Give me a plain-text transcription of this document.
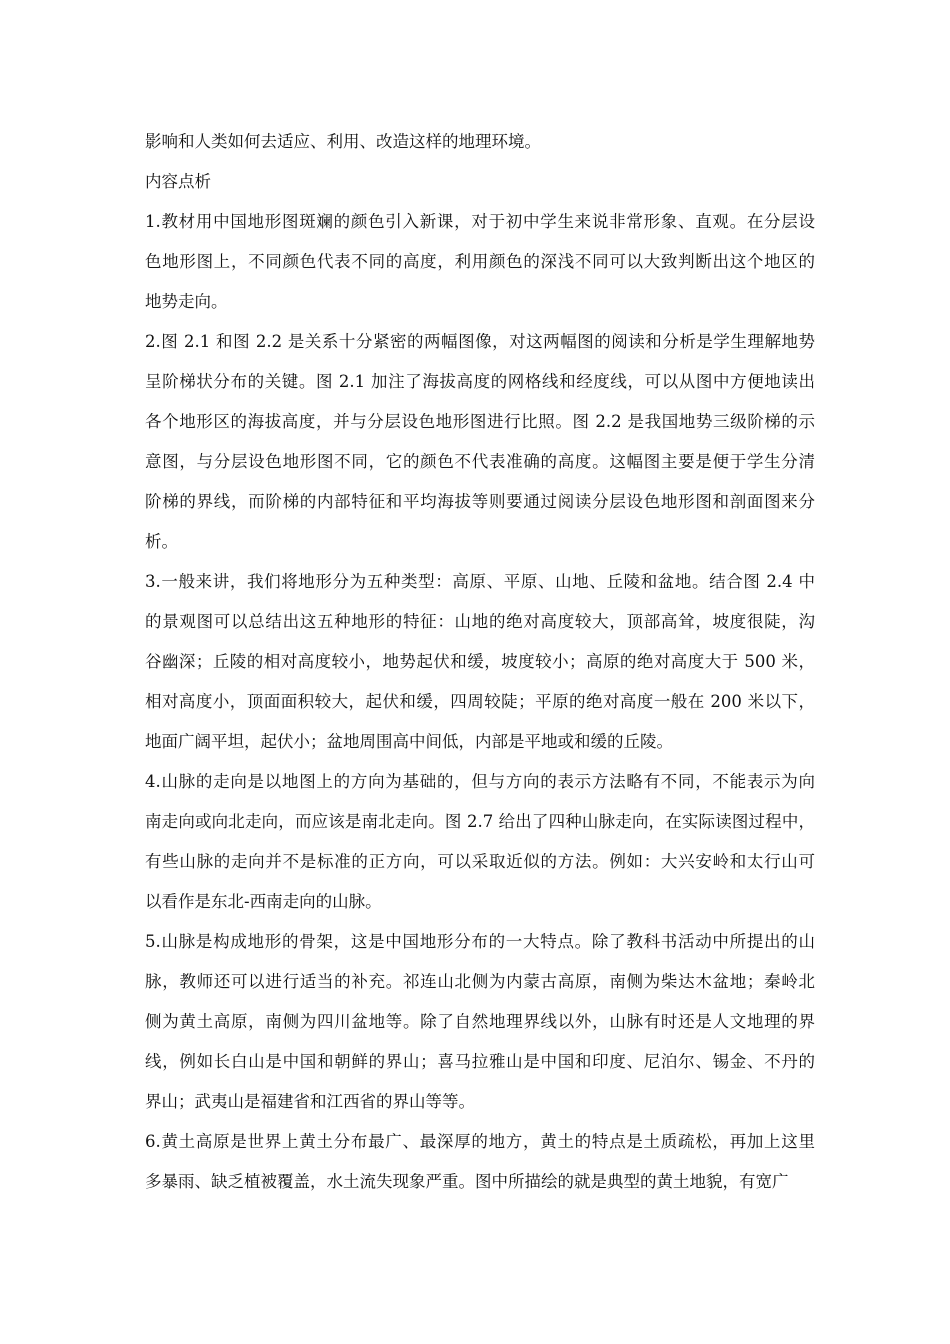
影响和人类如何去适应、利用、改造这样的地理环境。
内容点析
1.教材用中国地形图斑斓的颜色引入新课，对于初中学生来说非常形象、直观。在分层设
色地形图上，不同颜色代表不同的高度，利用颜色的深浅不同可以大致判断出这个地区的
地势走向。
2.图 2.1 和图 2.2 是关系十分紧密的两幅图像，对这两幅图的阅读和分析是学生理解地势
呈阶梯状分布的关键。图 2.1 加注了海拔高度的网格线和经度线，可以从图中方便地读出
各个地形区的海拔高度，并与分层设色地形图进行比照。图 2.2 是我国地势三级阶梯的示
意图，与分层设色地形图不同，它的颜色不代表准确的高度。这幅图主要是便于学生分清
阶梯的界线，而阶梯的内部特征和平均海拔等则要通过阅读分层设色地形图和剖面图来分
析。
3.一般来讲，我们将地形分为五种类型：高原、平原、山地、丘陵和盆地。结合图 2.4 中
的景观图可以总结出这五种地形的特征：山地的绝对高度较大，顶部高耸，坡度很陡，沟
谷幽深；丘陵的相对高度较小，地势起伏和缓，坡度较小；高原的绝对高度大于 500 米，
相对高度小，顶面面积较大，起伏和缓，四周较陡；平原的绝对高度一般在 200 米以下，
地面广阔平坦，起伏小；盆地周围高中间低，内部是平地或和缓的丘陵。
4.山脉的走向是以地图上的方向为基础的，但与方向的表示方法略有不同，不能表示为向
南走向或向北走向，而应该是南北走向。图 2.7 给出了四种山脉走向，在实际读图过程中，
有些山脉的走向并不是标准的正方向，可以采取近似的方法。例如：大兴安岭和太行山可
以看作是东北-西南走向的山脉。
5.山脉是构成地形的骨架，这是中国地形分布的一大特点。除了教科书活动中所提出的山
脉，教师还可以进行适当的补充。祁连山北侧为内蒙古高原，南侧为柴达木盆地；秦岭北
侧为黄土高原，南侧为四川盆地等。除了自然地理界线以外，山脉有时还是人文地理的界
线，例如长白山是中国和朝鲜的界山；喜马拉雅山是中国和印度、尼泊尔、锡金、不丹的
界山；武夷山是福建省和江西省的界山等等。
6.黄土高原是世界上黄土分布最广、最深厚的地方，黄土的特点是土质疏松，再加上这里
多暴雨、缺乏植被覆盖，水土流失现象严重。图中所描绘的就是典型的黄土地貌，有宽广
